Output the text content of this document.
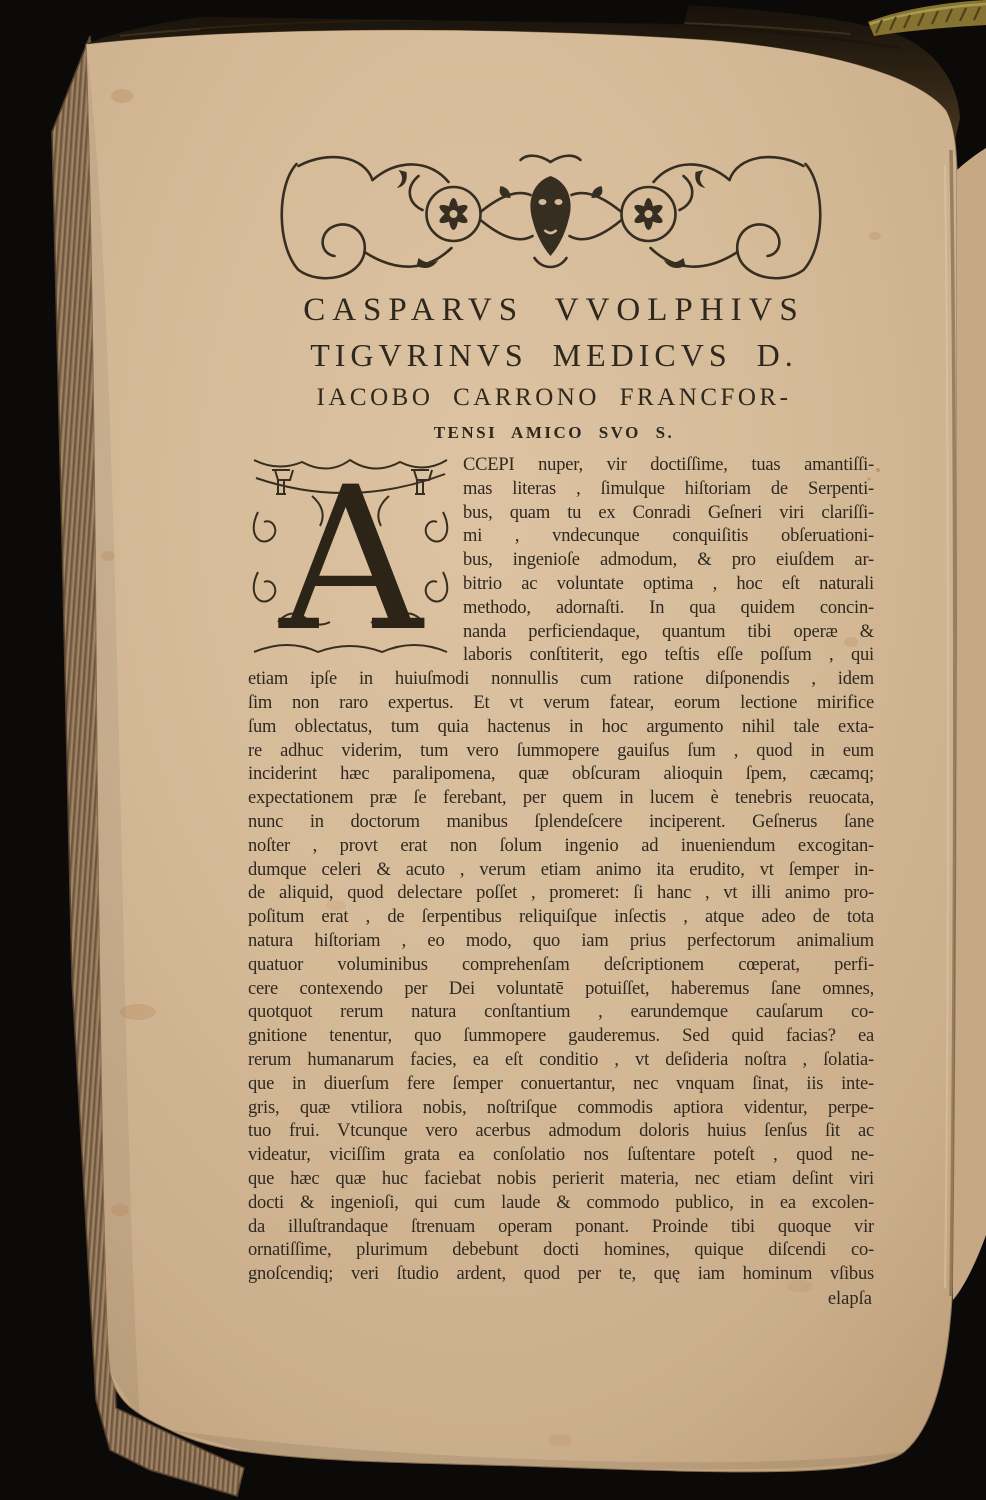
CASPARVS VVOLPHIVS
TIGVRINVS MEDICVS D.
IACOBO CARRONO FRANCFOR-
TENSI AMICO SVO S.
A	CCEPI nuper, vir doctiſſime, tuas amantiſſi-
mas literas , ſimulque hiſtoriam de Serpenti-
bus, quam tu ex Conradi Geſneri viri clariſſi-
mi , vndecunque conquiſitis obſeruationi-
bus, ingenioſe admodum, & pro eiuſdem ar-
bitrio ac voluntate optima , hoc eſt naturali
methodo, adornaſti. In qua quidem concin-
nanda perficiendaque, quantum tibi operæ &
laboris conſtiterit, ego teſtis eſſe poſſum , qui
etiam ipſe in huiuſmodi nonnullis cum ratione diſponendis , idem
ſim non raro expertus. Et vt verum fatear, eorum lectione mirifice
ſum oblectatus, tum quia hactenus in hoc argumento nihil tale exta-
re adhuc viderim, tum vero ſummopere gauiſus ſum , quod in eum
inciderint hæc paralipomena, quæ obſcuram alioquin ſpem, cæcamq;
expectationem præ ſe ferebant, per quem in lucem è tenebris reuocata,
nunc in doctorum manibus ſplendeſcere inciperent. Geſnerus ſane
noſter , provt erat non ſolum ingenio ad inueniendum excogitan-
dumque celeri & acuto , verum etiam animo ita erudito, vt ſemper in-
de aliquid, quod delectare poſſet , promeret: ſi hanc , vt illi animo pro-
poſitum erat , de ſerpentibus reliquiſque inſectis , atque adeo de tota
natura hiſtoriam , eo modo, quo iam prius perfectorum animalium
quatuor voluminibus comprehenſam deſcriptionem cœperat, perfi-
cere contexendo per Dei voluntatē potuiſſet, haberemus ſane omnes,
quotquot rerum natura conſtantium , earundemque cauſarum co-
gnitione tenentur, quo ſummopere gauderemus. Sed quid facias? ea
rerum humanarum facies, ea eſt conditio , vt deſideria noſtra , ſolatia-
que in diuerſum fere ſemper conuertantur, nec vnquam ſinat, iis inte-
gris, quæ vtiliora nobis, noſtriſque commodis aptiora videntur, perpe-
tuo frui. Vtcunque vero acerbus admodum doloris huius ſenſus ſit ac
videatur, viciſſim grata ea conſolatio nos ſuſtentare poteſt , quod ne-
que hæc quæ huc faciebat nobis perierit materia, nec etiam deſint viri
docti & ingenioſi, qui cum laude & commodo publico, in ea excolen-
da illuſtrandaque ſtrenuam operam ponant. Proinde tibi quoque vir
ornatiſſime, plurimum debebunt docti homines, quique diſcendi co-
gnoſcendiq; veri ſtudio ardent, quod per te, quę iam hominum vſibus
elapſa
